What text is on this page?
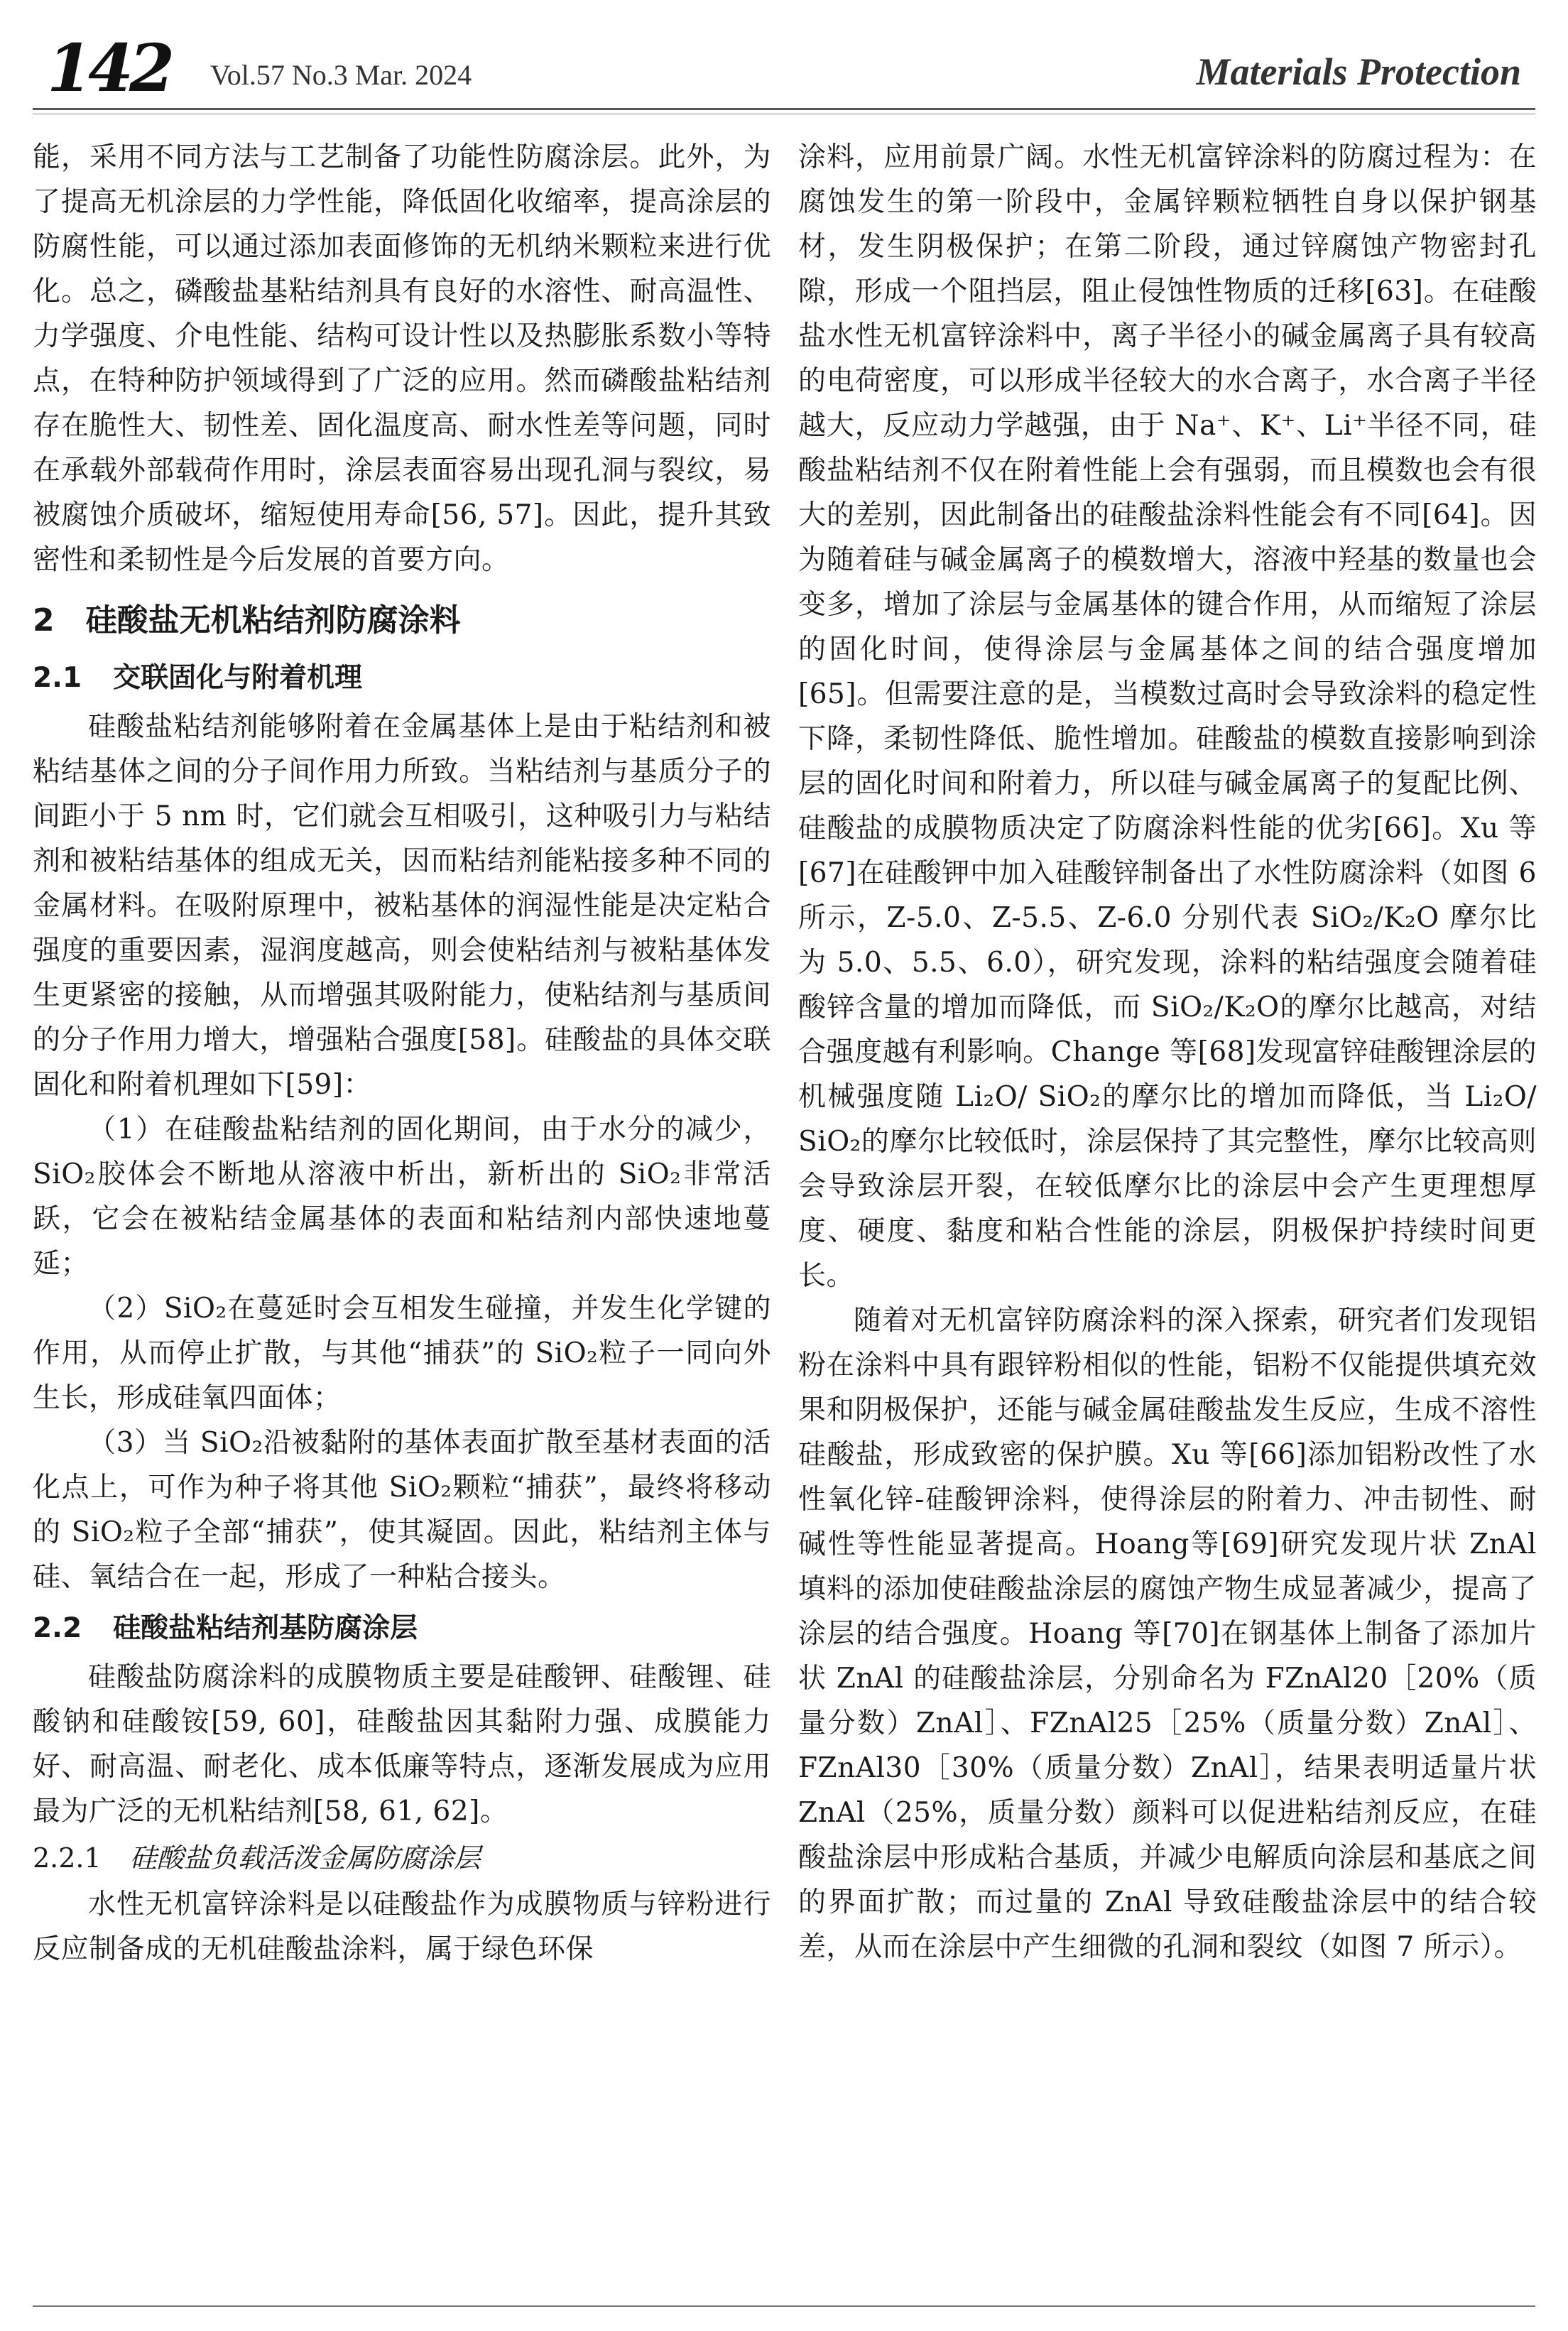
142 Vol.57 No.3 Mar. 2024	Materials Protection

能，采用不同方法与工艺制备了功能性防腐涂层。此外，为了提高无机涂层的力学性能，降低固化收缩率，提高涂层的防腐性能，可以通过添加表面修饰的无机纳米颗粒来进行优化。总之，磷酸盐基粘结剂具有良好的水溶性、耐高温性、力学强度、介电性能、结构可设计性以及热膨胀系数小等特点，在特种防护领域得到了广泛的应用。然而磷酸盐粘结剂存在脆性大、韧性差、固化温度高、耐水性差等问题，同时在承载外部载荷作用时，涂层表面容易出现孔洞与裂纹，易被腐蚀介质破坏，缩短使用寿命[56, 57]。因此，提升其致密性和柔韧性是今后发展的首要方向。

2 硅酸盐无机粘结剂防腐涂料
2.1 交联固化与附着机理

硅酸盐粘结剂能够附着在金属基体上是由于粘结剂和被粘结基体之间的分子间作用力所致。当粘结剂与基质分子的间距小于 5 nm 时，它们就会互相吸引，这种吸引力与粘结剂和被粘结基体的组成无关，因而粘结剂能粘接多种不同的金属材料。在吸附原理中，被粘基体的润湿性能是决定粘合强度的重要因素，湿润度越高，则会使粘结剂与被粘基体发生更紧密的接触，从而增强其吸附能力，使粘结剂与基质间的分子作用力增大，增强粘合强度[58]。硅酸盐的具体交联固化和附着机理如下[59]：

（1）在硅酸盐粘结剂的固化期间，由于水分的减少，SiO₂胶体会不断地从溶液中析出，新析出的 SiO₂非常活跃，它会在被粘结金属基体的表面和粘结剂内部快速地蔓延；

（2）SiO₂在蔓延时会互相发生碰撞，并发生化学键的作用，从而停止扩散，与其他“捕获”的 SiO₂粒子一同向外生长，形成硅氧四面体；

（3）当 SiO₂沿被黏附的基体表面扩散至基材表面的活化点上，可作为种子将其他 SiO₂颗粒“捕获”，最终将移动的 SiO₂粒子全部“捕获”，使其凝固。因此，粘结剂主体与硅、氧结合在一起，形成了一种粘合接头。

2.2 硅酸盐粘结剂基防腐涂层

硅酸盐防腐涂料的成膜物质主要是硅酸钾、硅酸锂、硅酸钠和硅酸铵[59, 60]，硅酸盐因其黏附力强、成膜能力好、耐高温、耐老化、成本低廉等特点，逐渐发展成为应用最为广泛的无机粘结剂[58, 61, 62]。

2.2.1 硅酸盐负载活泼金属防腐涂层

水性无机富锌涂料是以硅酸盐作为成膜物质与锌粉进行反应制备成的无机硅酸盐涂料，属于绿色环保

涂料，应用前景广阔。水性无机富锌涂料的防腐过程为：在腐蚀发生的第一阶段中，金属锌颗粒牺牲自身以保护钢基材，发生阴极保护；在第二阶段，通过锌腐蚀产物密封孔隙，形成一个阻挡层，阻止侵蚀性物质的迁移[63]。在硅酸盐水性无机富锌涂料中，离子半径小的碱金属离子具有较高的电荷密度，可以形成半径较大的水合离子，水合离子半径越大，反应动力学越强，由于 Na⁺、K⁺、Li⁺半径不同，硅酸盐粘结剂不仅在附着性能上会有强弱，而且模数也会有很大的差别，因此制备出的硅酸盐涂料性能会有不同[64]。因为随着硅与碱金属离子的模数增大，溶液中羟基的数量也会变多，增加了涂层与金属基体的键合作用，从而缩短了涂层的固化时间，使得涂层与金属基体之间的结合强度增加[65]。但需要注意的是，当模数过高时会导致涂料的稳定性下降，柔韧性降低、脆性增加。硅酸盐的模数直接影响到涂层的固化时间和附着力，所以硅与碱金属离子的复配比例、硅酸盐的成膜物质决定了防腐涂料性能的优劣[66]。Xu 等[67]在硅酸钾中加入硅酸锌制备出了水性防腐涂料（如图 6 所示，Z-5.0、Z-5.5、Z-6.0 分别代表 SiO₂/K₂O 摩尔比为 5.0、5.5、6.0），研究发现，涂料的粘结强度会随着硅酸锌含量的增加而降低，而 SiO₂/K₂O的摩尔比越高，对结合强度越有利影响。Change 等[68]发现富锌硅酸锂涂层的机械强度随 Li₂O/ SiO₂的摩尔比的增加而降低，当 Li₂O/ SiO₂的摩尔比较低时，涂层保持了其完整性，摩尔比较高则会导致涂层开裂，在较低摩尔比的涂层中会产生更理想厚度、硬度、黏度和粘合性能的涂层，阴极保护持续时间更长。

随着对无机富锌防腐涂料的深入探索，研究者们发现铝粉在涂料中具有跟锌粉相似的性能，铝粉不仅能提供填充效果和阴极保护，还能与碱金属硅酸盐发生反应，生成不溶性硅酸盐，形成致密的保护膜。Xu 等[66]添加铝粉改性了水性氧化锌-硅酸钾涂料，使得涂层的附着力、冲击韧性、耐碱性等性能显著提高。Hoang等[69]研究发现片状 ZnAl 填料的添加使硅酸盐涂层的腐蚀产物生成显著减少，提高了涂层的结合强度。Hoang 等[70]在钢基体上制备了添加片状 ZnAl 的硅酸盐涂层，分别命名为 FZnAl20［20%（质量分数）ZnAl］、FZnAl25［25%（质量分数）ZnAl］、FZnAl30［30%（质量分数）ZnAl］，结果表明适量片状 ZnAl（25%，质量分数）颜料可以促进粘结剂反应，在硅酸盐涂层中形成粘合基质，并减少电解质向涂层和基底之间的界面扩散；而过量的 ZnAl 导致硅酸盐涂层中的结合较差，从而在涂层中产生细微的孔洞和裂纹（如图 7 所示）。
